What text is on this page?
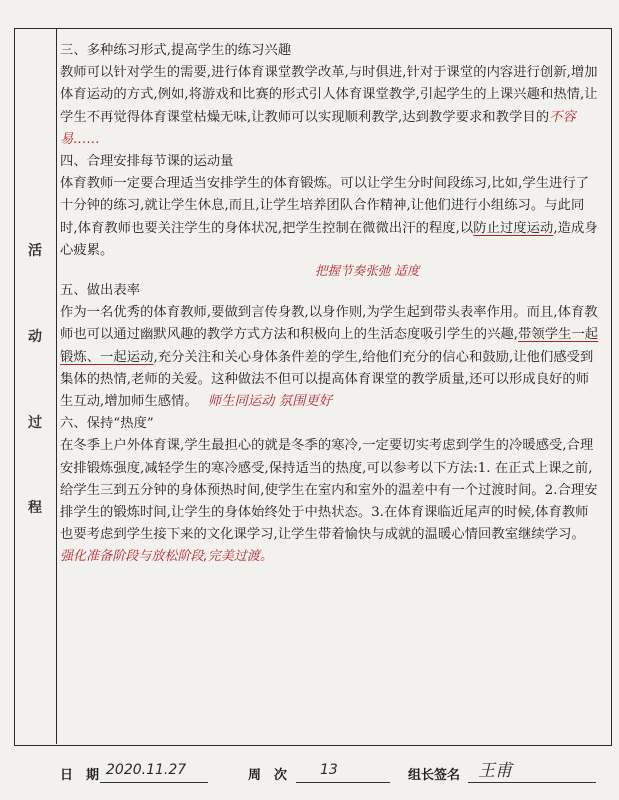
活
动
过
程

三、多种练习形式,提高学生的练习兴趣

教师可以针对学生的需要,进行体育课堂教学改革,与时俱进,针对于课堂的内容进行创新,增加体育运动的方式,例如,将游戏和比赛的形式引人体育课堂教学,引起学生的上课兴趣和热情,让学生不再觉得体育课堂枯燥无味,让教师可以实现顺利教学,达到教学要求和教学目的不容易……

四、合理安排每节课的运动量

体育教师一定要合理适当安排学生的体育锻炼。可以让学生分时间段练习,比如,学生进行了十分钟的练习,就让学生休息,而且,让学生培养团队合作精神,让他们进行小组练习。与此同时,体育教师也要关注学生的身体状况,把学生控制在微微出汗的程度,以防止过度运动,造成身心疲累。

把握节奏张弛 适度

五、做出表率

作为一名优秀的体育教师,要做到言传身教,以身作则,为学生起到带头表率作用。而且,体育教师也可以通过幽默风趣的教学方式方法和积极向上的生活态度吸引学生的兴趣,带领学生一起锻炼、一起运动,充分关注和关心身体条件差的学生,给他们充分的信心和鼓励,让他们感受到集体的热情,老师的关爱。这种做法不但可以提高体育课堂的教学质量,还可以形成良好的师生互动,增加师生感情。 师生同运动 氛围更好

六、保持“热度”

在冬季上户外体育课,学生最担心的就是冬季的寒冷,一定要切实考虑到学生的冷暖感受,合理安排锻炼强度,减轻学生的寒冷感受,保持适当的热度,可以参考以下方法:1. 在正式上课之前,给学生三到五分钟的身体预热时间,使学生在室内和室外的温差中有一个过渡时间。2.合理安排学生的锻炼时间,让学生的身体始终处于中热状态。3.在体育课临近尾声的时候,体育教师也要考虑到学生接下来的文化课学习,让学生带着愉快与成就的温暖心情回教室继续学习。

强化准备阶段与放松阶段,完美过渡。

日　期 2020.11.27	周　次 13	组长签名 王甫
